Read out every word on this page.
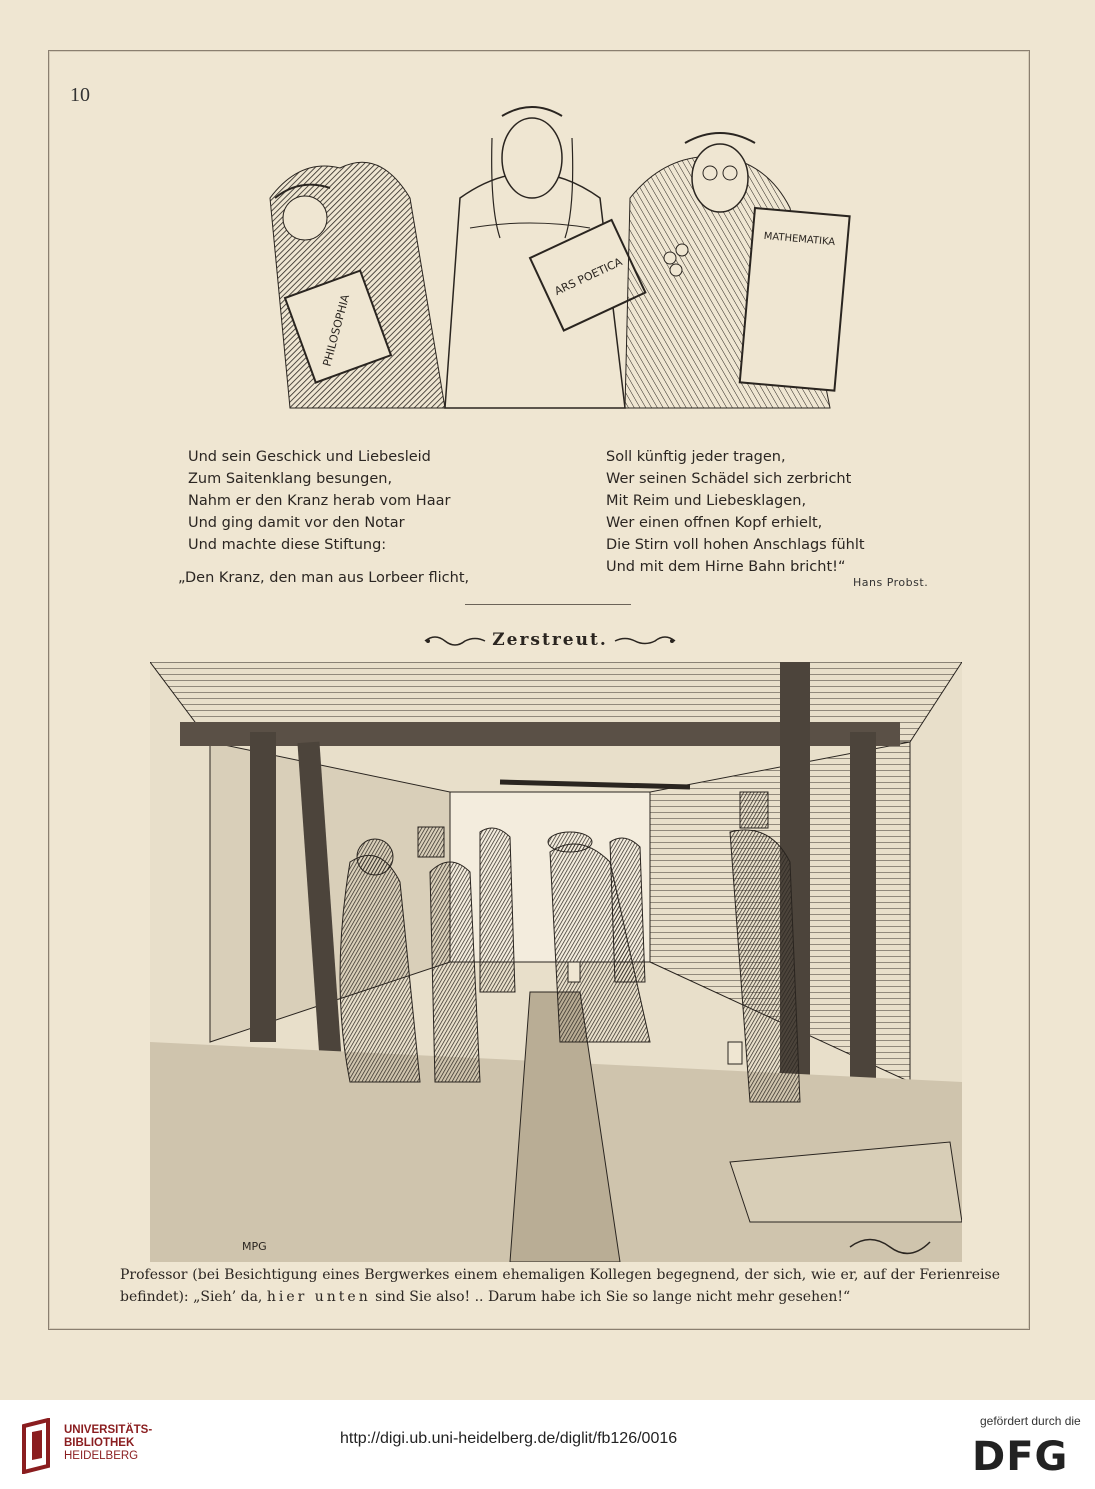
10
PHILOSOPHIA
ARS POETICA
MATHEMATIKA
Und sein Geschick und Liebesleid
Zum Saitenklang besungen,
Nahm er den Kranz herab vom Haar
Und ging damit vor den Notar
Und machte diese Stiftung:
„Den Kranz, den man aus Lorbeer flicht,
Soll künftig jeder tragen,
Wer seinen Schädel sich zerbricht
Mit Reim und Liebesklagen,
Wer einen offnen Kopf erhielt,
Die Stirn voll hohen Anschlags fühlt
Und mit dem Hirne Bahn bricht!“
Hans Probst.
Zerstreut.
MPG
Professor (bei Besichtigung eines Bergwerkes einem ehemaligen Kollegen begegnend, der sich, wie er, auf der Ferienreise befindet): „Sieh’ da, hier unten sind Sie also! .. Darum habe ich Sie so lange nicht mehr gesehen!“
UNIVERSITÄTS-
BIBLIOTHEK
HEIDELBERG
http://digi.ub.uni-heidelberg.de/diglit/fb126/0016
gefördert durch die
DFG
